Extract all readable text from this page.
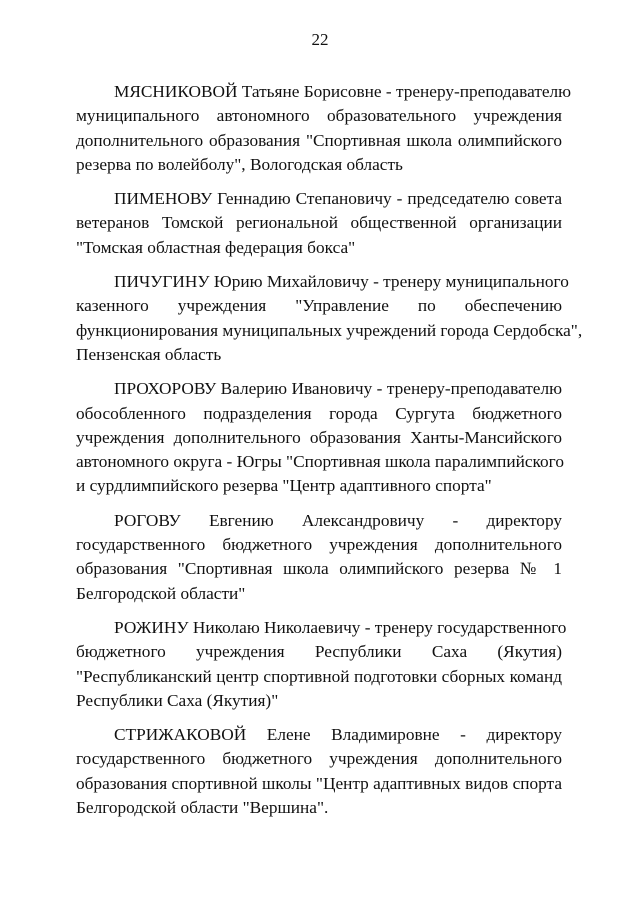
22
МЯСНИКОВОЙ Татьяне Борисовне - тренеру-преподавателю
муниципального автономного образовательного учреждения
дополнительного образования "Спортивная школа олимпийского
резерва по волейболу", Вологодская область
ПИМЕНОВУ Геннадию Степановичу - председателю совета
ветеранов Томской региональной общественной организации
"Томская областная федерация бокса"
ПИЧУГИНУ Юрию Михайловичу - тренеру муниципального
казенного учреждения "Управление по обеспечению
функционирования муниципальных учреждений города Сердобска",
Пензенская область
ПРОХОРОВУ Валерию Ивановичу - тренеру-преподавателю
обособленного подразделения города Сургута бюджетного
учреждения дополнительного образования Ханты-Мансийского
автономного округа - Югры "Спортивная школа паралимпийского
и сурдлимпийского резерва "Центр адаптивного спорта"
РОГОВУ Евгению Александровичу - директору
государственного бюджетного учреждения дополнительного
образования "Спортивная школа олимпийского резерва № 1
Белгородской области"
РОЖИНУ Николаю Николаевичу - тренеру государственного
бюджетного учреждения Республики Саха (Якутия)
"Республиканский центр спортивной подготовки сборных команд
Республики Саха (Якутия)"
СТРИЖАКОВОЙ Елене Владимировне - директору
государственного бюджетного учреждения дополнительного
образования спортивной школы "Центр адаптивных видов спорта
Белгородской области "Вершина".
